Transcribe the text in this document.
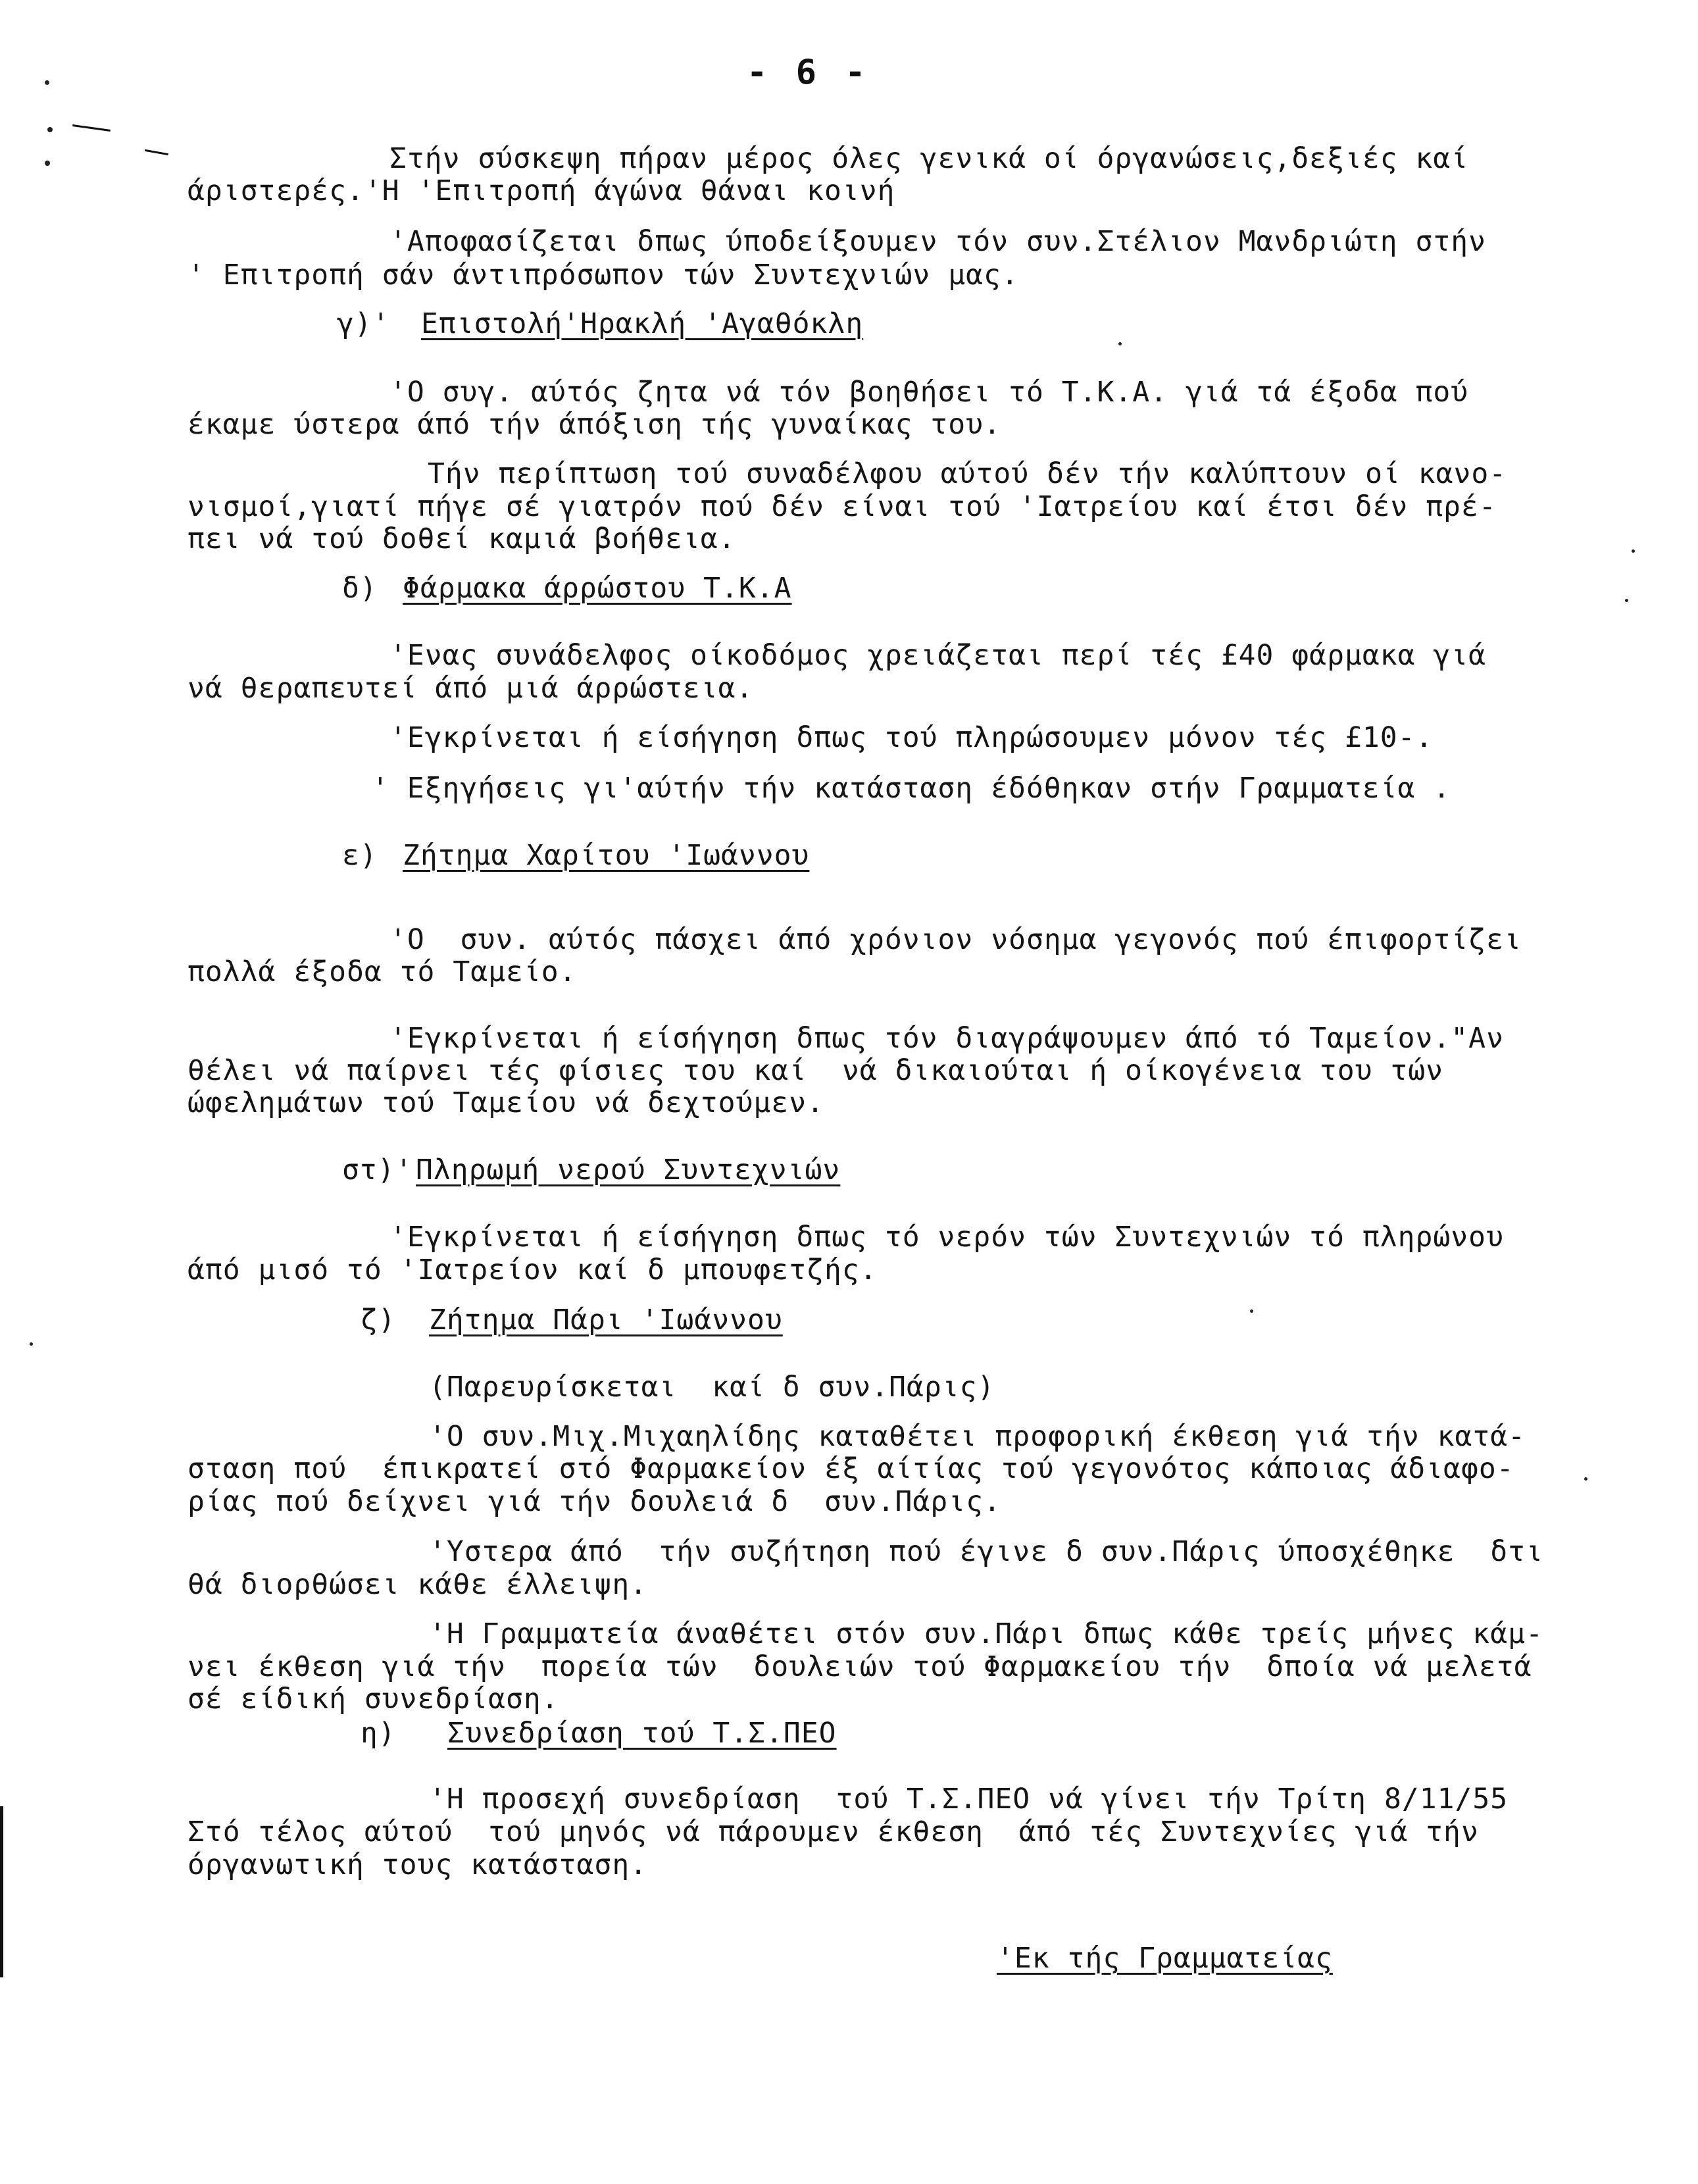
- 6 -
Στήν σύσκεψη πήραν μέρος όλες γενικά οί όργανώσεις,δεξιές καί
άριστερές.'Η 'Επιτροπή άγώνα θάναι κοινή
'Αποφασίζεται δπως ύποδείξουμεν τόν συν.Στέλιον Μανδριώτη στήν
' Επιτροπή σάν άντιπρόσωπον τών Συντεχνιών μας.
γ)' Επιστολή'Ηρακλή 'Αγαθόκλη
'Ο συγ. αύτός ζητα νά τόν βοηθήσει τό Τ.Κ.Α. γιά τά έξοδα πού
έκαμε ύστερα άπό τήν άπόξιση τής γυναίκας του.
Τήν περίπτωση τού συναδέλφου αύτού δέν τήν καλύπτουν οί κανο-
νισμοί,γιατί πήγε σέ γιατρόν πού δέν είναι τού 'Ιατρείου καί έτσι δέν πρέ-
πει νά τού δοθεί καμιά βοήθεια.
δ) Φάρμακα άρρώστου Τ.Κ.Α
'Ενας συνάδελφος οίκοδόμος χρειάζεται περί τές £40 φάρμακα γιά
νά θεραπευτεί άπό μιά άρρώστεια.
'Εγκρίνεται ή είσήγηση δπως τού πληρώσουμεν μόνον τές £10-.
' Εξηγήσεις γι'αύτήν τήν κατάσταση έδόθηκαν στήν Γραμματεία .
ε) Ζήτημα Χαρίτου 'Ιωάννου
'Ο  συν. αύτός πάσχει άπό χρόνιον νόσημα γεγονός πού έπιφορτίζει
πολλά έξοδα τό Ταμείο.
'Εγκρίνεται ή είσήγηση δπως τόν διαγράψουμεν άπό τό Ταμείον."Αν
θέλει νά παίρνει τές φίσιες του καί  νά δικαιούται ή οίκογένεια του τών
ώφελημάτων τού Ταμείου νά δεχτούμεν.
στ)' Πληρωμή νερού Συντεχνιών
'Εγκρίνεται ή είσήγηση δπως τό νερόν τών Συντεχνιών τό πληρώνου
άπό μισό τό 'Ιατρείον καί δ μπουφετζής.
ζ) Ζήτημα Πάρι 'Ιωάννου
(Παρευρίσκεται  καί δ συν.Πάρις)
'Ο συν.Μιχ.Μιχαηλίδης καταθέτει προφορική έκθεση γιά τήν κατά-
σταση πού  έπικρατεί στό Φαρμακείον έξ αίτίας τού γεγονότος κάποιας άδιαφο-
ρίας πού δείχνει γιά τήν δουλειά δ  συν.Πάρις.
'Υστερα άπό  τήν συζήτηση πού έγινε δ συν.Πάρις ύποσχέθηκε  δτι
θά διορθώσει κάθε έλλειψη.
'Η Γραμματεία άναθέτει στόν συν.Πάρι δπως κάθε τρείς μήνες κάμ-
νει έκθεση γιά τήν  πορεία τών  δουλειών τού Φαρμακείου τήν  δποία νά μελετά
σέ είδική συνεδρίαση.
η) Συνεδρίαση τού Τ.Σ.ΠΕΟ
'Η προσεχή συνεδρίαση  τού Τ.Σ.ΠΕΟ νά γίνει τήν Τρίτη 8/11/55
Στό τέλος αύτού  τού μηνός νά πάρουμεν έκθεση  άπό τές Συντεχνίες γιά τήν
όργανωτική τους κατάσταση.
'Εκ τής Γραμματείας
